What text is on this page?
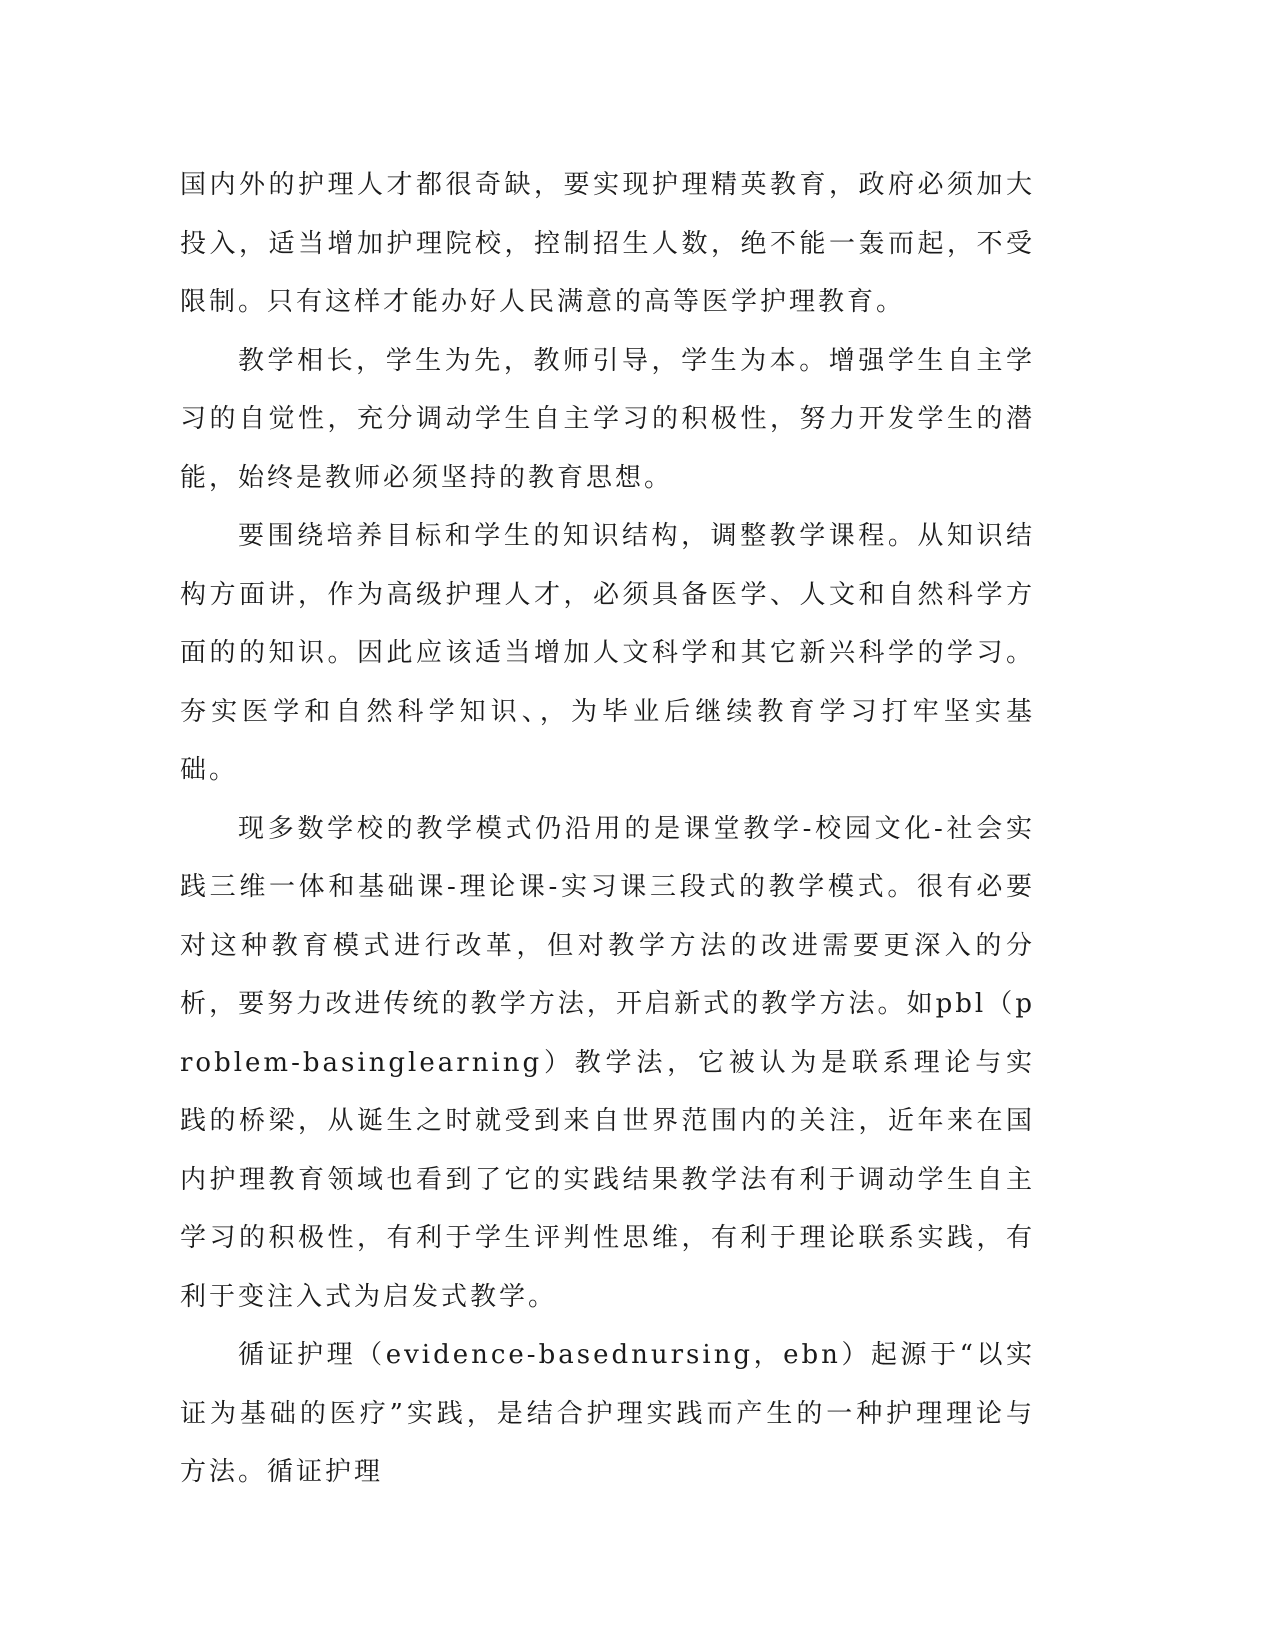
国内外的护理人才都很奇缺，要实现护理精英教育，政府必须加大投入，适当增加护理院校，控制招生人数，绝不能一轰而起，不受限制。只有这样才能办好人民满意的高等医学护理教育。

教学相长，学生为先，教师引导，学生为本。增强学生自主学习的自觉性，充分调动学生自主学习的积极性，努力开发学生的潜能，始终是教师必须坚持的教育思想。

要围绕培养目标和学生的知识结构，调整教学课程。从知识结构方面讲，作为高级护理人才，必须具备医学、人文和自然科学方面的的知识。因此应该适当增加人文科学和其它新兴科学的学习。夯实医学和自然科学知识、，为毕业后继续教育学习打牢坚实基础。

现多数学校的教学模式仍沿用的是课堂教学-校园文化-社会实践三维一体和基础课-理论课-实习课三段式的教学模式。很有必要对这种教育模式进行改革，但对教学方法的改进需要更深入的分析，要努力改进传统的教学方法，开启新式的教学方法。如pbl（problem-basinglearning）教学法，它被认为是联系理论与实践的桥梁，从诞生之时就受到来自世界范围内的关注，近年来在国内护理教育领域也看到了它的实践结果教学法有利于调动学生自主学习的积极性，有利于学生评判性思维，有利于理论联系实践，有利于变注入式为启发式教学。

循证护理（evidence-basednursing，ebn）起源于“以实证为基础的医疗”实践，是结合护理实践而产生的一种护理理论与方法。循证护理
